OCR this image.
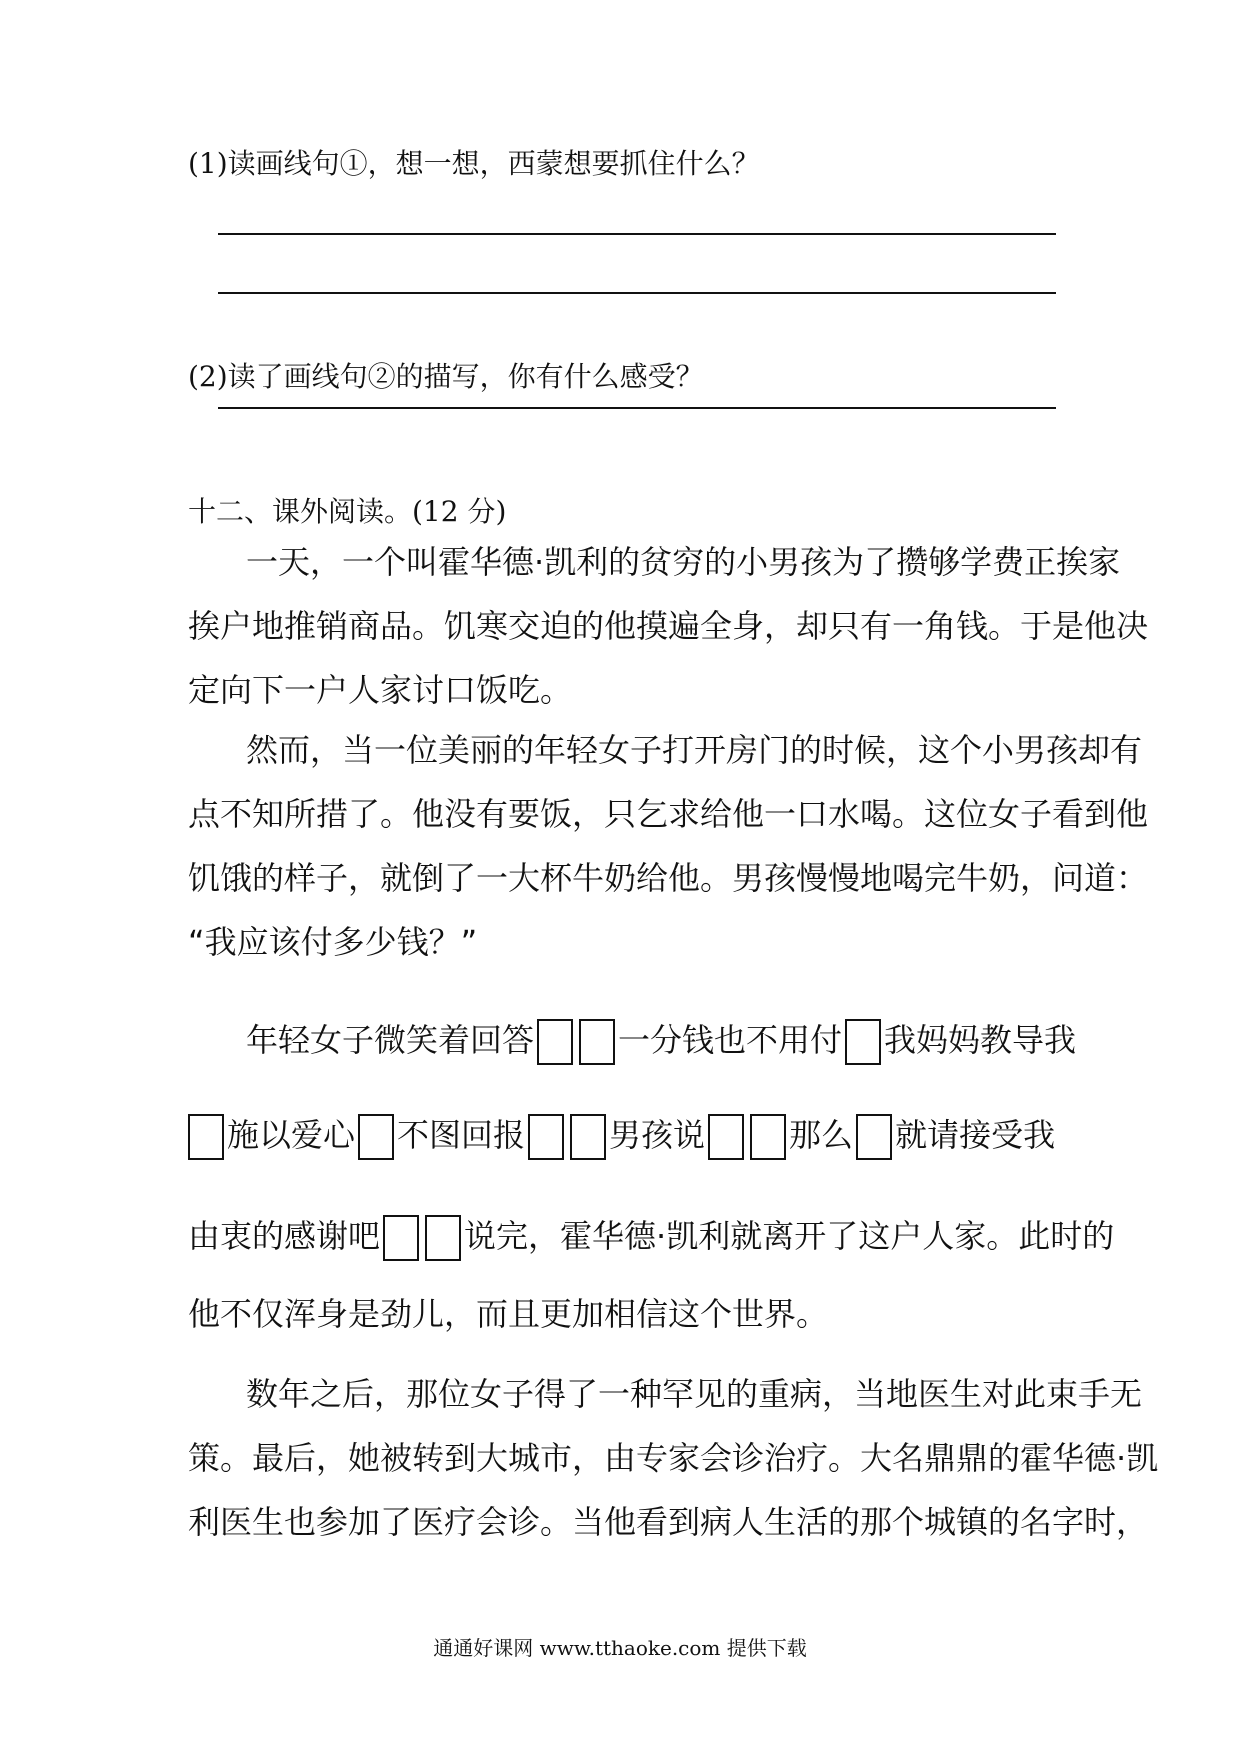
(1)读画线句①，想一想，西蒙想要抓住什么？
(2)读了画线句②的描写，你有什么感受？
十二、课外阅读。(12 分)
一天，一个叫霍华德·凯利的贫穷的小男孩为了攒够学费正挨家
挨户地推销商品。饥寒交迫的他摸遍全身，却只有一角钱。于是他决
定向下一户人家讨口饭吃。
然而，当一位美丽的年轻女子打开房门的时候，这个小男孩却有
点不知所措了。他没有要饭，只乞求给他一口水喝。这位女子看到他
饥饿的样子，就倒了一大杯牛奶给他。男孩慢慢地喝完牛奶，问道：
“我应该付多少钱？”
年轻女子微笑着回答	一分钱也不用付 我妈妈教导我
施以爱心 不图回报	男孩说	那么 就请接受我
由衷的感谢吧	说完，霍华德·凯利就离开了这户人家。此时的
他不仅浑身是劲儿，而且更加相信这个世界。
数年之后，那位女子得了一种罕见的重病，当地医生对此束手无
策。最后，她被转到大城市，由专家会诊治疗。大名鼎鼎的霍华德·凯
利医生也参加了医疗会诊。当他看到病人生活的那个城镇的名字时，
通通好课网 www.tthaoke.com 提供下载
